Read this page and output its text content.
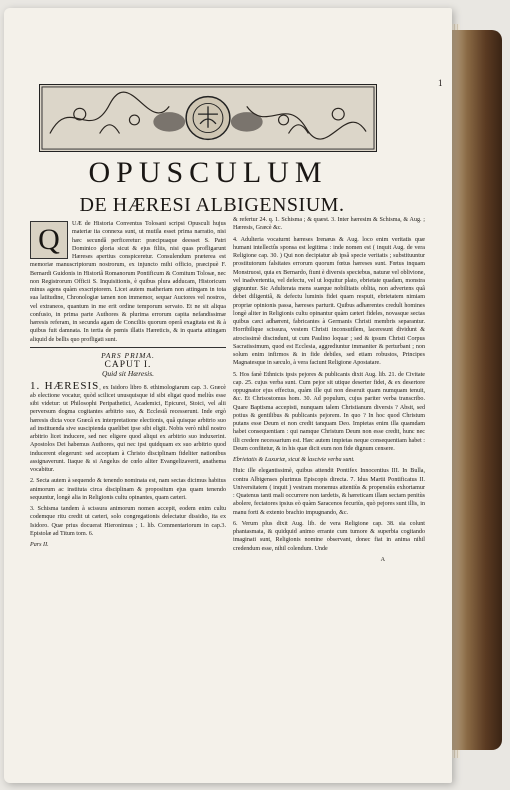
1
OPUSCULUM
DE HÆRESI ALBIGENSIUM.
Q	UÆ de Historia Conventus Tolosani scripsi Opusculi hujus materiæ ita connexa sunt, ut mutila esset prima narratio, nisi hæc secundâ perficeretur: præcipuaque deesset S. Patri Dominico gloria sicut & ejus filiis, nisi quas profligarunt Hæreses apertius conspiceretur. Consulendum præterea est memoriæ manuscriptorum nostrorum, ex injuncto mihi officio, præcipuè F. Bernardi Guidonis in Historiâ Romanorum Pontificum & Comitum Tolosæ, nec non Registrorum Officii S. Inquisitionis, è quibus plura adducam, Historicum minus agens quàm exscriptorem. Licet autem matheriam non attingam in tota sua latitudine, Chronologiæ tamen non immemor, sequar Auctores vel nostros, vel extraneos, quantum in me erit ordine temporum servato. Et ne sit aliqua confusio, in prima parte Authores & plurima errorum capita nefandissimæ hæresis referam, in secunda agam de Conciliis quorum operâ exagitata est & à quibus fuit damnata. In tertia de pœnis illatis Hæreticis, & in quarta attingam aliquid de bellis quo profligati sunt.

PARS PRIMA.
CAPUT I.
Quid sit Hæresis.

1. HÆRESIS, ex Isidoro libro 8. ethimologiarum cap. 3. Græcè ab electione vocatur, quòd scilicet unusquisque id sibi eligat quod meliùs esse sibi videtur: ut Philosophi Peripathetici, Academici, Epicurei, Stoici, vel alii perversum dogma cogitantes arbitrio suo, & Ecclesiâ recesserunt. Inde ergò hæresis dicta voce Græcâ ex interpretatione electionis, quâ quisque arbitrio suo ad instituenda sive suscipienda quælibet ipse sibi eligit. Nobis verò nihil nostro arbitrio licet inducere, sed nec eligere quod aliqui ex arbitrio suo induxerint. Apostolos Dei habemus Authores, qui nec ipsi quidquam ex suo arbitrio quod inducerent elegerunt: sed acceptam à Christo disciplinam fideliter nationibus assignaverunt. Itaque & si Angelus de cœlo aliter Evangelizaverit, anathema vocabitur.

2. Secta autem à sequendo & tenendo nominata est, nam sectas dicimus habitus animorum ac instituta circa disciplinam & propositum ejus quam tenendo sequuntur, longè alia in Religionis cultu opinantes, quam cæteri.

3. Schisma tandem à scissura animorum nomen accepit, eodem enim cultu codemque ritu credit ut cæteri, solo congregationis delectatur dissidio, ita ex Isidoro. Quæ prius docuerat Hieronimus ; 1. lib. Commentariorum in cap.3. Epistolæ ad Titum tom. 6.

Pars II.

& refertur 24. q. 1. Schisma ; & quæst. 3. Inter hæresim & Schisma, & Aug. ; Hæresis, Græcè &c.

4. Adulteria vocaturnt hæreses Irenæus & Aug. loco enim veritatis quæ humani intellectûs sponsa est legitima : inde nomen est ( inquit Aug. de vera Religione cap. 30. ) Qui non decipiatur ab ipsâ specie veritatis ; substituuntur prostitutorum falsitates errorum quorum fœtus hæreses sunt. Fœtus inquam Monstruosi, quia ex Bernardo, fiunt è diversis speciebus, naturæ vel oblivione, vel inadvertentia, vel defectu, vel ut loquitur plato, ebrietate quadam, monstra gignuntur. Sic Adulterata mens suæque nobilitatis oblita, non advertens quâ debet diligentiâ, & defectu luminis fidei quam respuit, ebrietatem nimiam propriæ opinionis passa, hæreses parturit. Quibus adhærentes creduli homines longè aliter in Religionis cultu opinantur quàm cæteri fideles, novasque sectas quibus cæci adhærent, fabricantes à Germanis Christi membris separantur. Horribilique scissura, vestem Christi inconsutilem, laceresunt dividunt & atrocissimè discindunt, ut cum Paulino loquar ; sed & ipsum Christi Corpus Sacratissimum, quod est Ecclesia, aggrediuntur immaniter & perturbant ; non solum enim infirmos & in fide debiles, sed etiam robustos, Principes Magnatesque in sæculo, à vera faciunt Religione Apostatare.

5. Hos fanè Ethnicis ipsis pejores & publicanis dixit Aug. lib. 21. de Civitate cap. 25. cujus verba sunt. Cum pejor sit utique deserter fidei, & ex desertore oppugnator ejus effectus, quàm ille qui non deseruit quam numquam tenuit, &c. Et Chrisostomus hom. 30. Ad populum, cujus pariter verba transcribo. Quare Baptisma accepisti, nunquam talem Christianum diversis ? Absit, sed potius & gentilibus & publicanis pejorem. In quo ? In hoc quod Christum putans esse Deum ei non credit tanquam Deo. Impietas enim illa quamdam habet consequentiam : qui namque Christum Deum non esse credit, hunc nec illi credere necessarium est. Hæc autem impietas neque consequentiam habet : Deum confitetur, & in his quæ dicit eum non fide dignum censere.

Ebrietatis & Luxuriæ, sicut & lascivie verba sunt.

Huic ille elegantissimè, quibus attendit Pontifex Innocentius III. In Bulla, contra Albigenses plurimus Episcopis directa. 7. Idus Martii Pontificatus II. Universitatem ( inquit ) vestram monemus attentiùs & propensiùs exhortamur : Quatenus tanti mali occurrere non tardetis, & hæreticam illam sectam penitùs abolere, fectatores ipsius eò quàm Saracenos fecuriùs, quò pejores sunt illis, in manu forti & extento brachio impugnando, &c.

6. Verum plus dixit Aug. lib. de vera Religione cap. 38. sia colunt phantasmata, & quidquid animo errante cum tumore & superbia cogitando imaginati sunt, Religionis nomine observant, donec fiat in anima nihil credendum esse, nihil colendum. Unde

A
